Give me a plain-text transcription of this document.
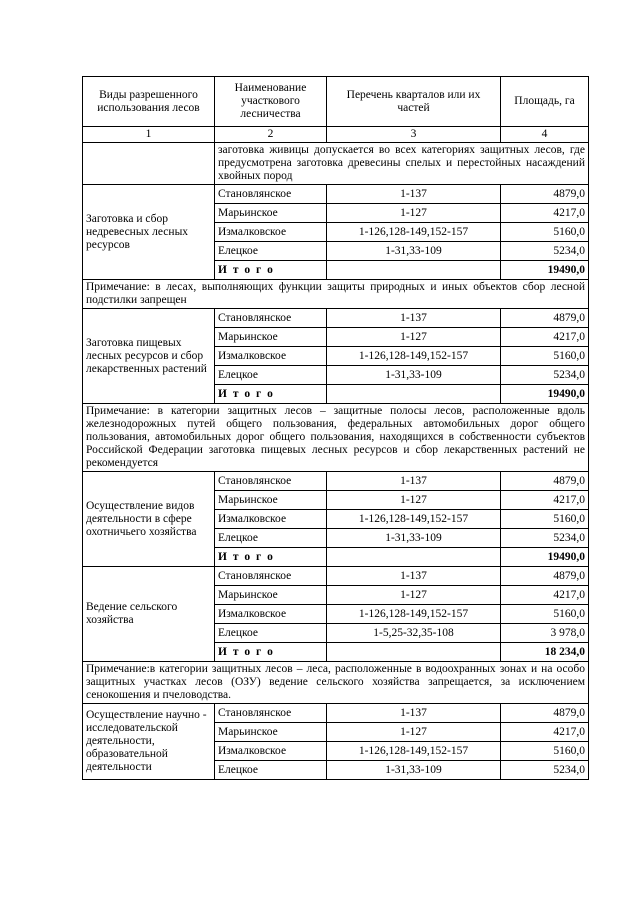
Виды разрешенного использования лесов	Наименование участкового лесничества	Перечень кварталов или их частей	Площадь, га
1	2	3	4
	заготовка живицы допускается во всех категориях защитных лесов, где предусмотрена заготовка древесины спелых и перестойных насаждений хвойных пород		
Заготовка и сбор недревесных лесных ресурсов	Становлянское	1-137	4879,0
	Марьинское	1-127	4217,0
	Измалковское	1-126,128-149,152-157	5160,0
	Елецкое	1-31,33-109	5234,0
	И т о г о		19490,0
Примечание: в лесах, выполняющих функции защиты природных и иных объектов сбор лесной подстилки запрещен			
Заготовка пищевых лесных ресурсов и сбор лекарственных растений	Становлянское	1-137	4879,0
	Марьинское	1-127	4217,0
	Измалковское	1-126,128-149,152-157	5160,0
	Елецкое	1-31,33-109	5234,0
	И т о г о		19490,0
Примечание: в категории защитных лесов – защитные полосы лесов, расположенные вдоль железнодорожных путей общего пользования, федеральных автомобильных дорог общего пользования, автомобильных дорог общего пользования, находящихся в собственности субъектов Российской Федерации заготовка пищевых лесных ресурсов и сбор лекарственных растений не рекомендуется			
Осуществление видов деятельности в сфере охотничьего хозяйства	Становлянское	1-137	4879,0
	Марьинское	1-127	4217,0
	Измалковское	1-126,128-149,152-157	5160,0
	Елецкое	1-31,33-109	5234,0
	И т о г о		19490,0
Ведение сельского хозяйства	Становлянское	1-137	4879,0
	Марьинское	1-127	4217,0
	Измалковское	1-126,128-149,152-157	5160,0
	Елецкое	1-5,25-32,35-108	3 978,0
	И т о г о		18 234,0
Примечание:в категории защитных лесов – леса, расположенные в водоохранных зонах и на особо защитных участках лесов (ОЗУ) ведение сельского хозяйства запрещается, за исключением сенокошения и пчеловодства.			
Осуществление научно - исследовательской деятельности, образовательной деятельности	Становлянское	1-137	4879,0
	Марьинское	1-127	4217,0
	Измалковское	1-126,128-149,152-157	5160,0
	Елецкое	1-31,33-109	5234,0
